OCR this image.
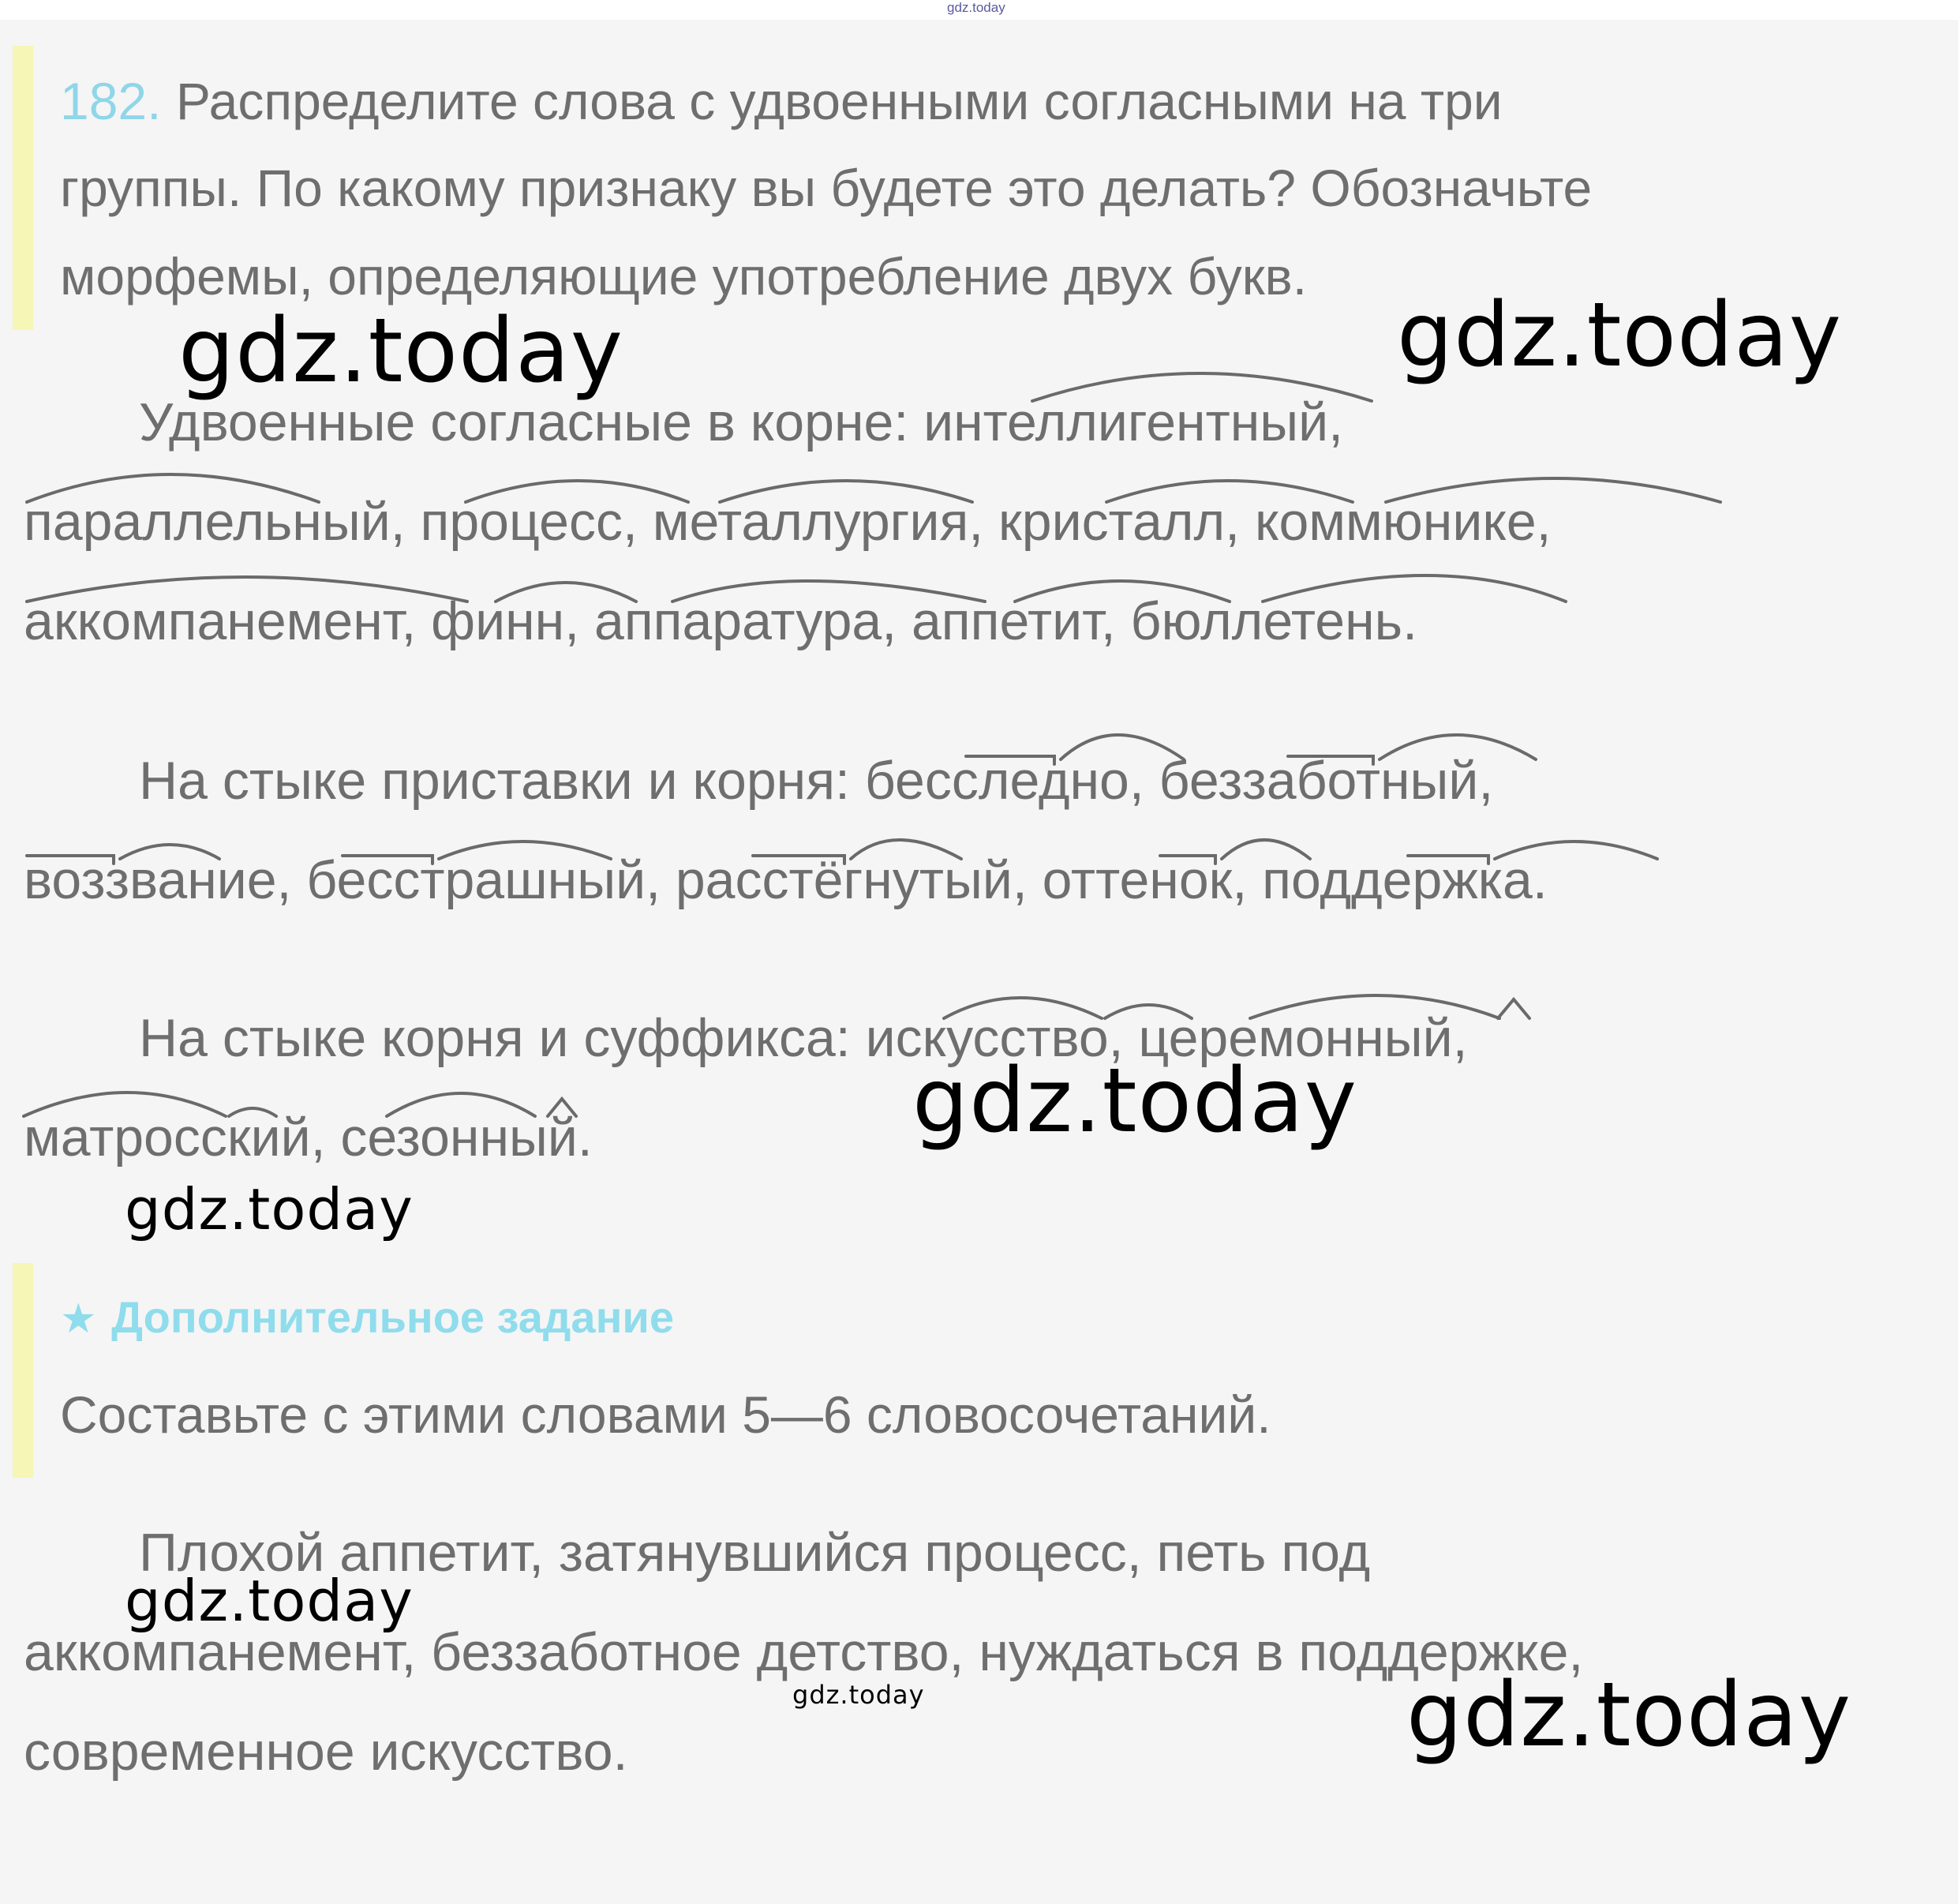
gdz.today
182. Распределите слова с удвоенными согласными на три
группы. По какому признаку вы будете это делать? Обозначьте
морфемы, определяющие употребление двух букв.
Удвоенные согласные в корне: интеллигентный,
параллельный, процесс, металлургия, кристалл, коммюнике,
аккомпанемент, финн, аппаратура, аппетит, бюллетень.
На стыке приставки и корня: бесследно, беззаботный,
воззвание, бесстрашный, расстёгнутый, оттенок, поддержка.
На стыке корня и суффикса: искусство, церемонный,
матросский, сезонный.
★ Дополнительное задание
Составьте с этими словами 5—6 словосочетаний.
Плохой аппетит, затянувшийся процесс, петь под
аккомпанемент, беззаботное детство, нуждаться в поддержке,
современное искусство.
gdz.today	gdz.today
gdz.today
gdz.today
gdz.today
gdz.today	gdz.today
